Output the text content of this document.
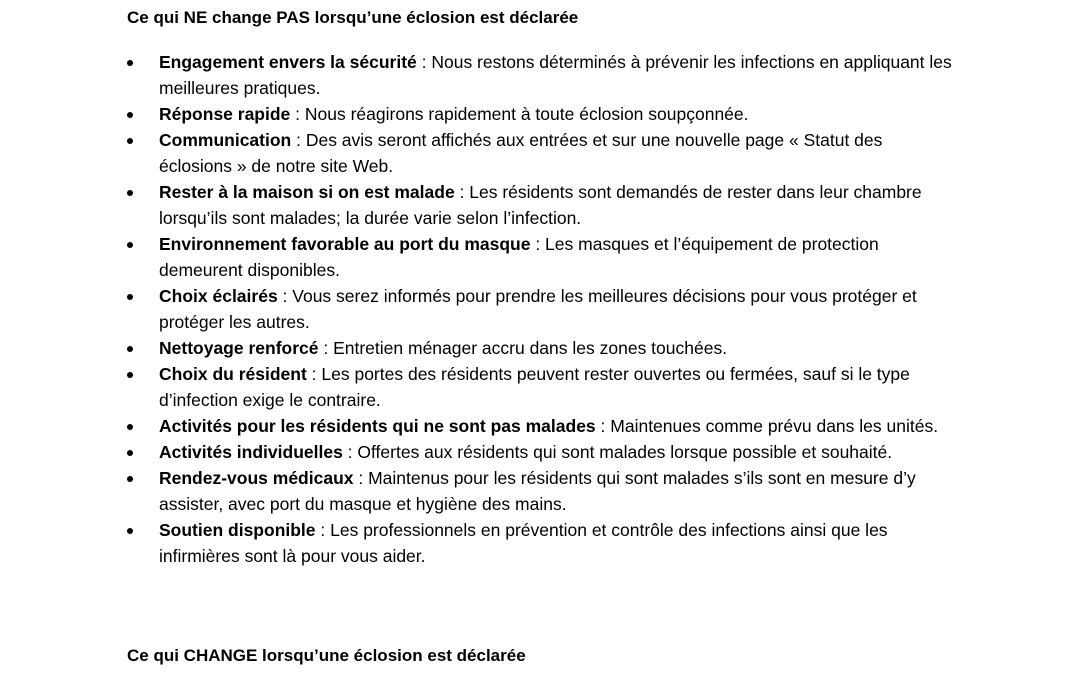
Ce qui NE change PAS lorsqu’une éclosion est déclarée
Engagement envers la sécurité : Nous restons déterminés à prévenir les infections en appliquant les meilleures pratiques.
Réponse rapide : Nous réagirons rapidement à toute éclosion soupçonnée.
Communication : Des avis seront affichés aux entrées et sur une nouvelle page « Statut des éclosions » de notre site Web.
Rester à la maison si on est malade : Les résidents sont demandés de rester dans leur chambre lorsqu’ils sont malades; la durée varie selon l’infection.
Environnement favorable au port du masque : Les masques et l’équipement de protection demeurent disponibles.
Choix éclairés : Vous serez informés pour prendre les meilleures décisions pour vous protéger et protéger les autres.
Nettoyage renforcé : Entretien ménager accru dans les zones touchées.
Choix du résident : Les portes des résidents peuvent rester ouvertes ou fermées, sauf si le type d’infection exige le contraire.
Activités pour les résidents qui ne sont pas malades : Maintenues comme prévu dans les unités.
Activités individuelles : Offertes aux résidents qui sont malades lorsque possible et souhaité.
Rendez-vous médicaux : Maintenus pour les résidents qui sont malades s’ils sont en mesure d’y assister, avec port du masque et hygiène des mains.
Soutien disponible : Les professionnels en prévention et contrôle des infections ainsi que les infirmières sont là pour vous aider.
Ce qui CHANGE lorsqu’une éclosion est déclarée
